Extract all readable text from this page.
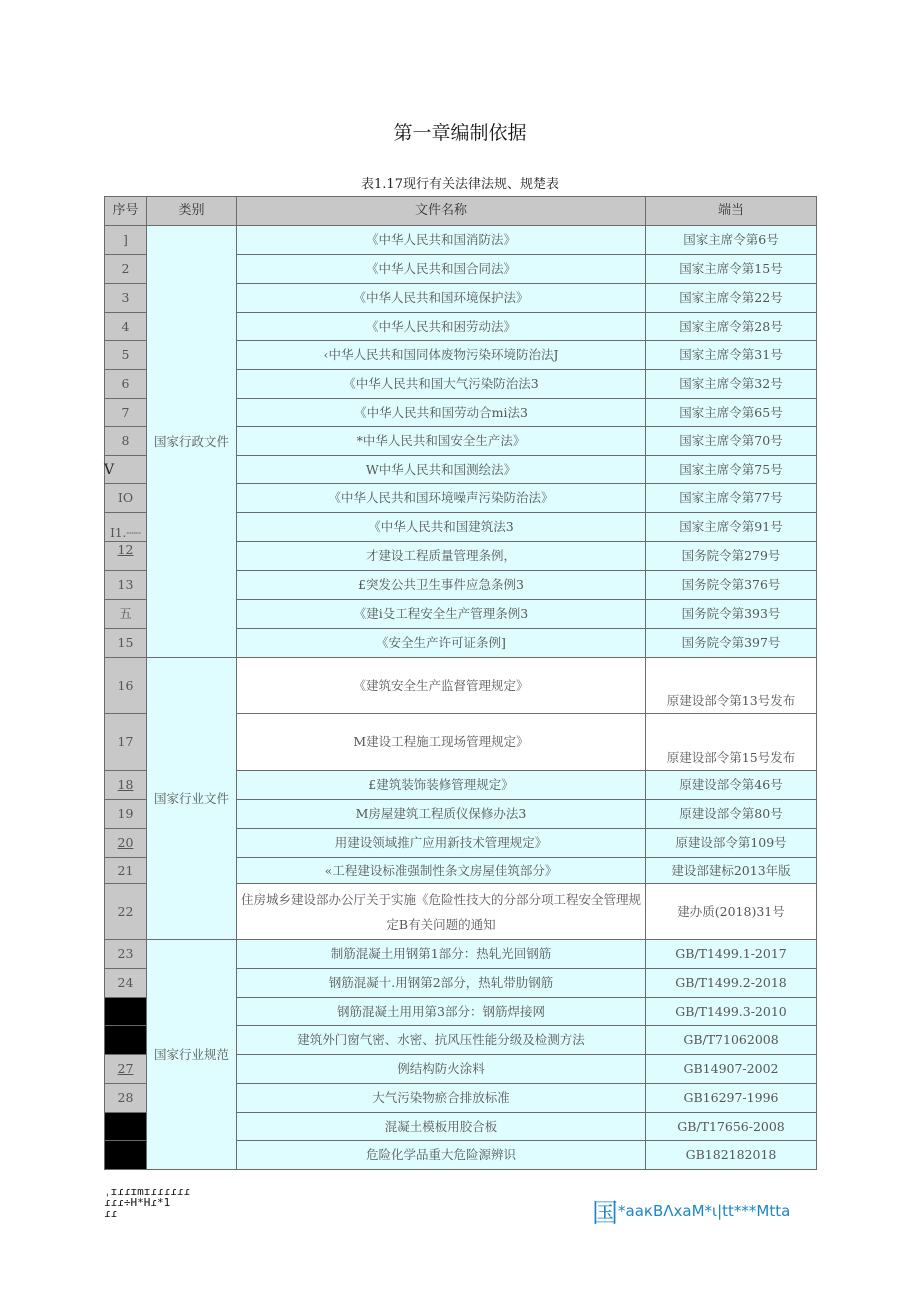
第一章编制依据
表1.17现行有关法律法规、规楚表
序号	类别	文件名称	端当
]	国家行政文件	《中华人民共和国消防法》	国家主席令第6号
2		《中华人民共和国合同法》	国家主席令第15号
3		《中华人民共和国环境保护法》	国家主席令第22号
4		《中华人民共和困劳动法》	国家主席令第28号
5		‹中华人民共和国同体废物污染环境防治法J	国家主席令第31号
6		《中华人民共和国大气污染防治法3	国家主席令第32号
7		《中华人民共和国劳动合mi法3	国家主席令第65号
8		*中华人民共和国安全生产法》	国家主席令第70号
		W中华人民共和国测绘法》	国家主席令第75号
IO		《中华人民共和国环境噪声污染防治法》	国家主席令第77号
I1.┈┈		《中华人民共和国建筑法3	国家主席令第91号
12		才建设工程质量管理条例，	国务院令第279号
13		£突发公共卫生事件应急条例3	国务院令第376号
五		《建i殳工程安全生产管理条例3	国务院令第393号
15		《安全生产许可证条例]	国务院令第397号
16	国家行业文件	《建筑安全生产监督管理规定》	原建设部令第13号发布
17		M建设工程施工现场管理规定》	原建设部令第15号发布
18		£建筑装饰装修管理规定》	原建设部令第46号
19		M房屋建筑工程质仪保修办法3	原建设部令第80号
20		用建设领域推广应用新技术管理规定》	原建设部令第109号
21		«工程建设标准强制性条文房屋佳筑部分》	建设部建标2013年版
22		住房城乡建设部办公厅关于实施《危险性技大的分部分项工程安全管理规定B有关问题的通知	建办质(2018)31号
23	国家行业规范	制筋混凝土用钢第1部分：热轧光回钢筋	GB/T1499.1-2017
24		钢筋混凝十.用钢第2部分，热轧带肋钢筋	GB/T1499.2-2018
		钢筋混凝土用用第3部分：钢筋焊接网	GB/T1499.3-2010
		建筑外门窗气密、水密、抗风压性能分级及检测方法	GB/T71062008
27		例结构防火涂料	GB14907-2002
28		大气污染物瘀合排放标准	GB16297-1996
		混凝土模板用胶合板	GB/T17656-2008
		危险化学品重大危险源辨识	GB182182018
V
ˌɪɾɾɪmɪɾɾɾɾɾɾ
ɾɾɾ÷H*Hɾ*1
ɾɾ	国*aaкBΛхaM*ι|tt***Mtta
